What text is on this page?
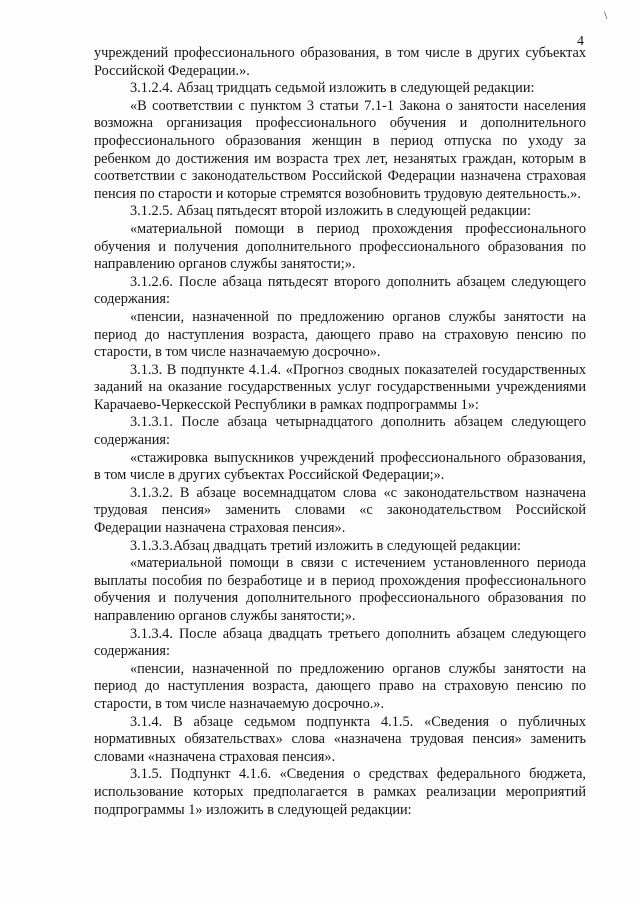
\
4

учреждений профессионального образования, в том числе в других субъектах Российской Федерации.».

3.1.2.4. Абзац тридцать седьмой изложить в следующей редакции:

«В соответствии с пунктом 3 статьи 7.1-1 Закона о занятости населения возможна организация профессионального обучения и дополнительного профессионального образования женщин в период отпуска по уходу за ребенком до достижения им возраста трех лет, незанятых граждан, которым в соответствии с законодательством Российской Федерации назначена страховая пенсия по старости и которые стремятся возобновить трудовую деятельность.».

3.1.2.5. Абзац пятьдесят второй изложить в следующей редакции:

«материальной помощи в период прохождения профессионального обучения и получения дополнительного профессионального образования по направлению органов службы занятости;».

3.1.2.6. После абзаца пятьдесят второго дополнить абзацем следующего содержания:

«пенсии, назначенной по предложению органов службы занятости на период до наступления возраста, дающего право на страховую пенсию по старости, в том числе назначаемую досрочно».

3.1.3. В подпункте 4.1.4. «Прогноз сводных показателей государственных заданий на оказание государственных услуг государственными учреждениями Карачаево-Черкесской Республики в рамках подпрограммы 1»:

3.1.3.1. После абзаца четырнадцатого дополнить абзацем следующего содержания:

«стажировка выпускников учреждений профессионального образования, в том числе в других субъектах Российской Федерации;».

3.1.3.2. В абзаце восемнадцатом слова «с законодательством назначена трудовая пенсия» заменить словами «с законодательством Российской Федерации назначена страховая пенсия».

3.1.3.3.Абзац двадцать третий изложить в следующей редакции:

«материальной помощи в связи с истечением установленного периода выплаты пособия по безработице и в период прохождения профессионального обучения и получения дополнительного профессионального образования по направлению органов службы занятости;».

3.1.3.4. После абзаца двадцать третьего дополнить абзацем следующего содержания:

«пенсии, назначенной по предложению органов службы занятости на период до наступления возраста, дающего право на страховую пенсию по старости, в том числе назначаемую досрочно.».

3.1.4. В абзаце седьмом подпункта 4.1.5. «Сведения о публичных нормативных обязательствах» слова «назначена трудовая пенсия» заменить словами «назначена страховая пенсия».

3.1.5. Подпункт 4.1.6. «Сведения о средствах федерального бюджета, использование которых предполагается в рамках реализации мероприятий подпрограммы 1» изложить в следующей редакции:
